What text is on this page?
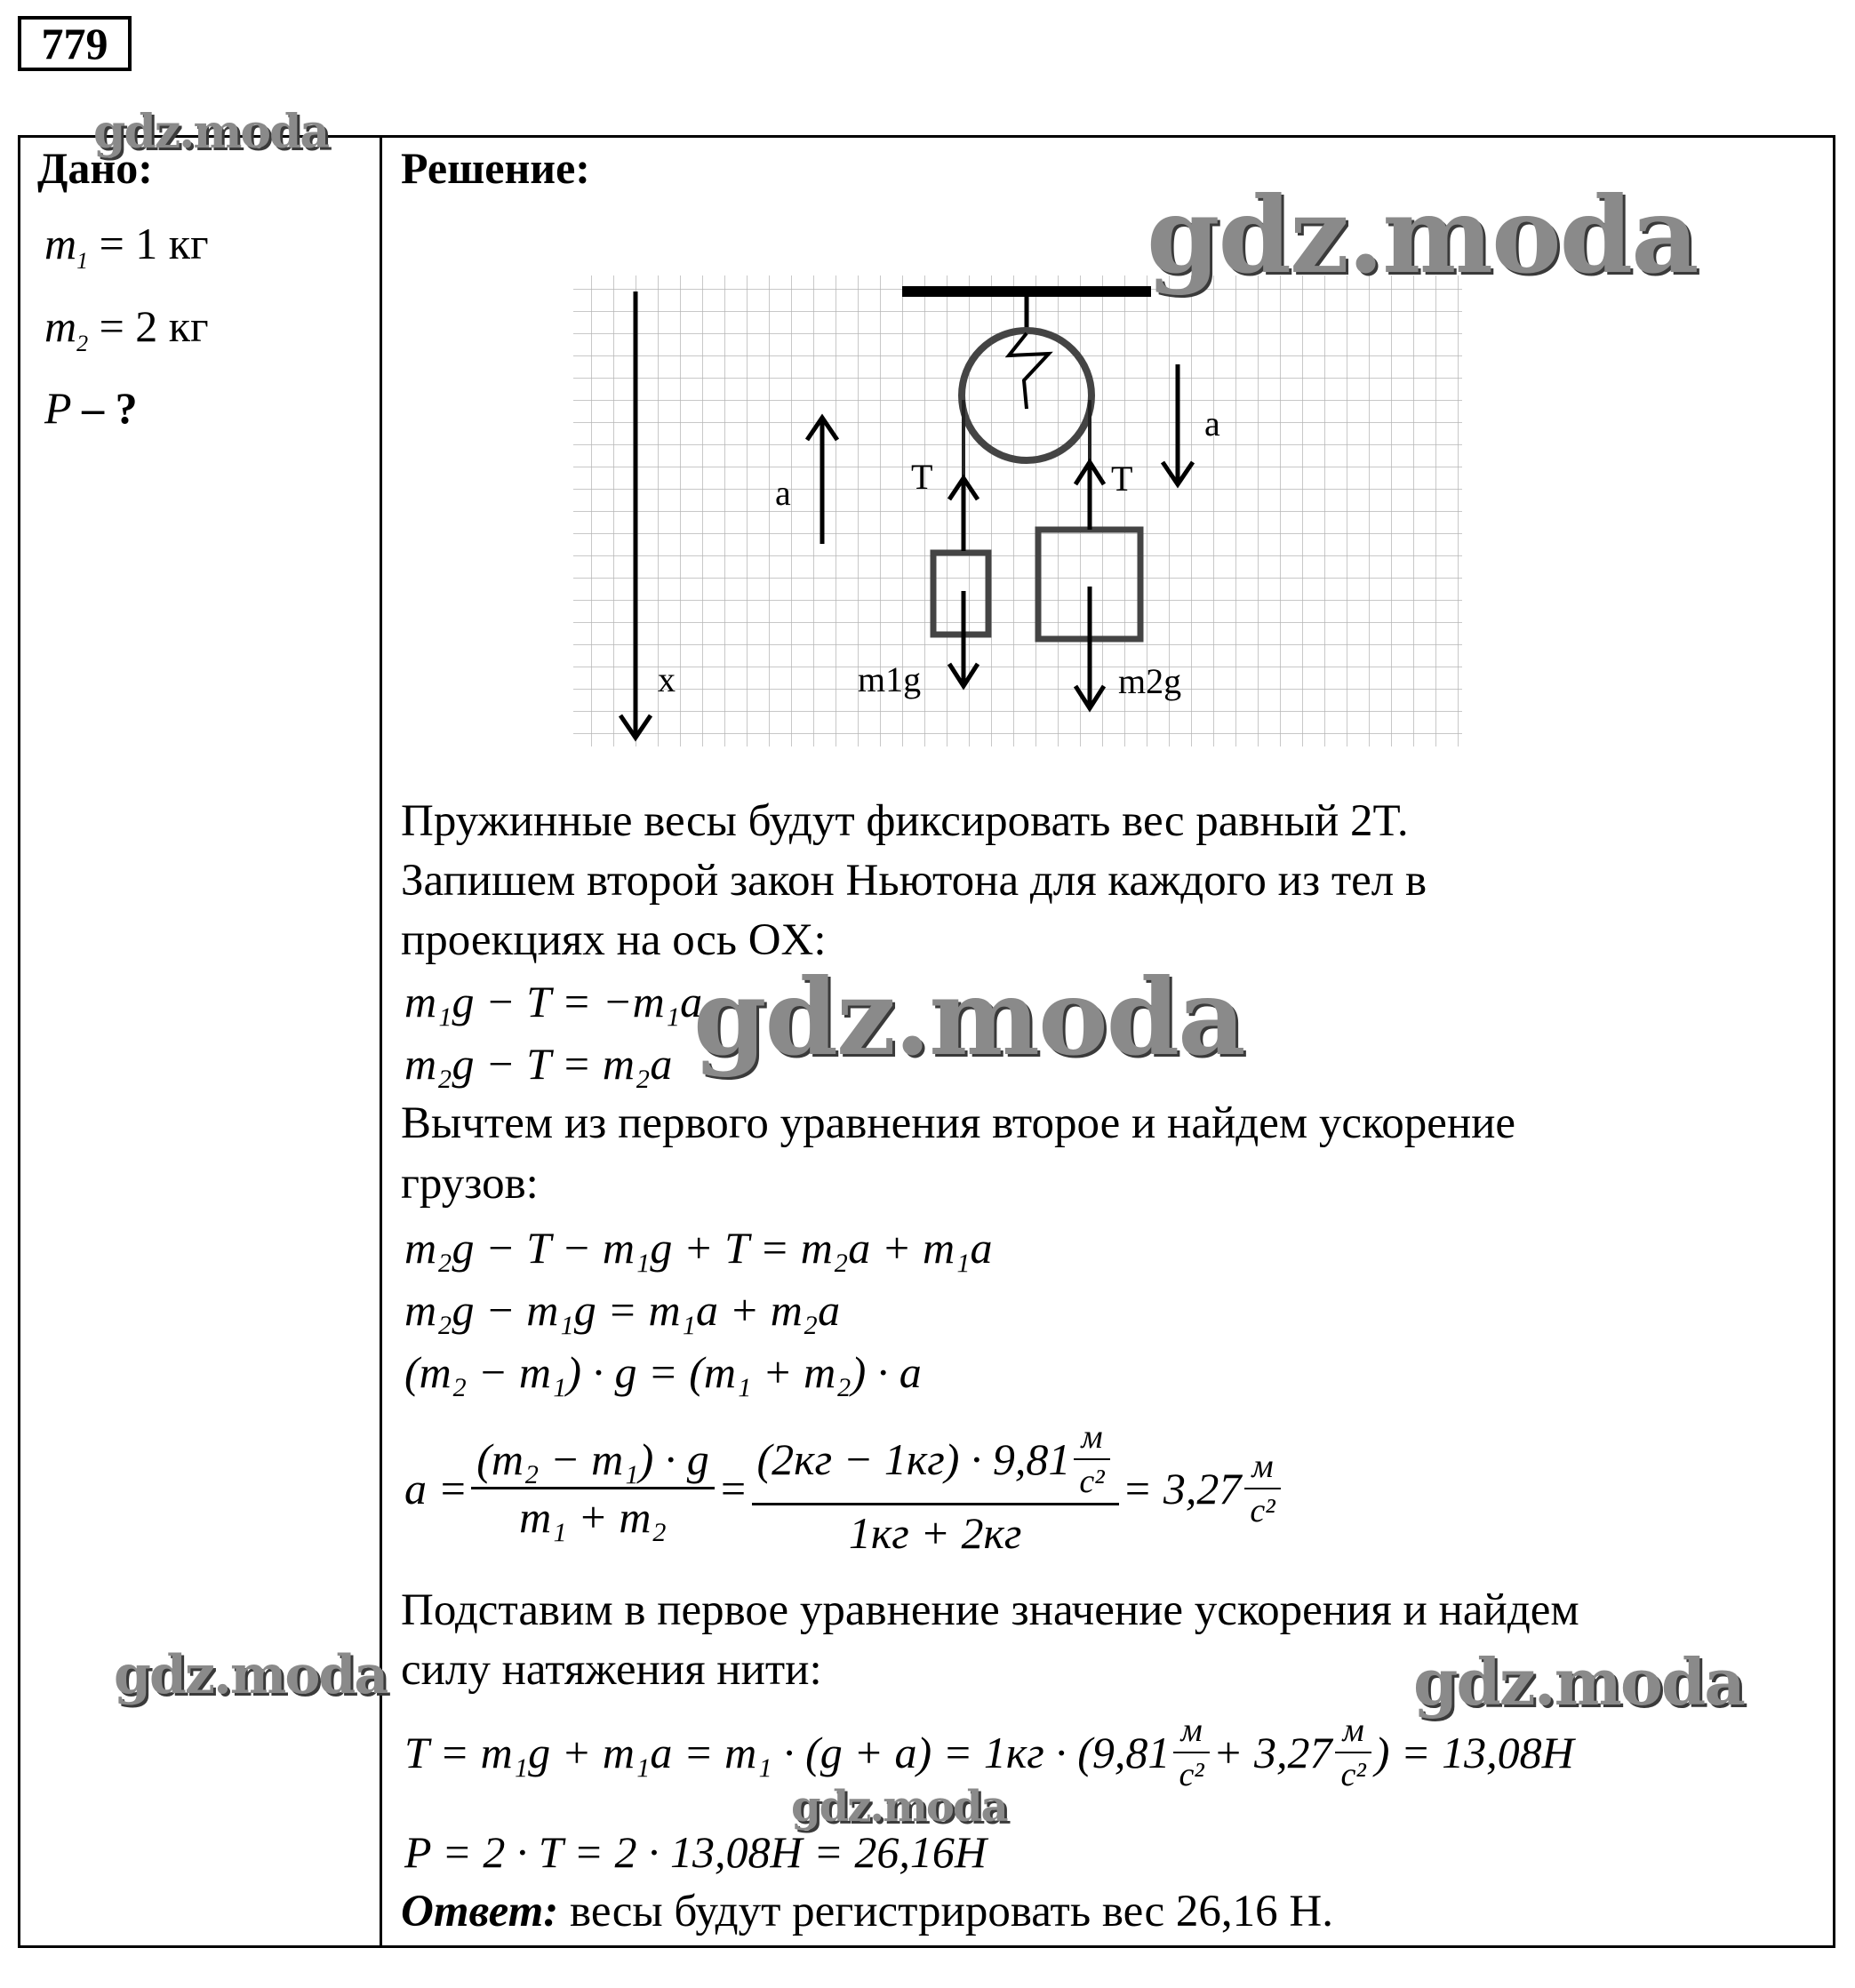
779
Дано:
$m_1 = 1$ кг
$m_2 = 2$ кг
P – ?
Решение:
a
a
T	T
x	m1g	m2g
Пружинные весы будут фиксировать вес равный 2T.
Запишем второй закон Ньютона для каждого из тел в
проекциях на ось OX:
m₁g − T = −m₁a
m₂g − T = m₂a
Вычтем из первого уравнения второе и найдем ускорение
грузов:
m₂g − T − m₁g + T = m₂a + m₁a
m₂g − m₁g = m₁a + m₂a
(m₂ − m₁) · g = (m₁ + m₂) · a
$a = \frac{\text{(m₂ − m₁) · g}}{\text{m₁ + m₂}} = \frac{(2кг - 1кг) \cdot 9,81 \frac{м}{\text{с²}}}{1кг + 2кг} = 3,27 \frac{м}{\text{с²}}$
Подставим в первое уравнение значение ускорения и найдем
силу натяжения нити:
$T = m_1g + m_1a = m_1 \cdot (g + a) = 1кг \cdot (9,81 \frac{м}{\text{с²}} + 3,27 \frac{м}{\text{с²}}$ ) = 13,08H
P = 2 · T = 2 · 13,08H = 26,16H
Ответ: весы будут регистрировать вес 26,16 Н.
gdz.moda
gdz.moda
gdz.moda
gdz.moda	gdz.moda
gdz.moda
